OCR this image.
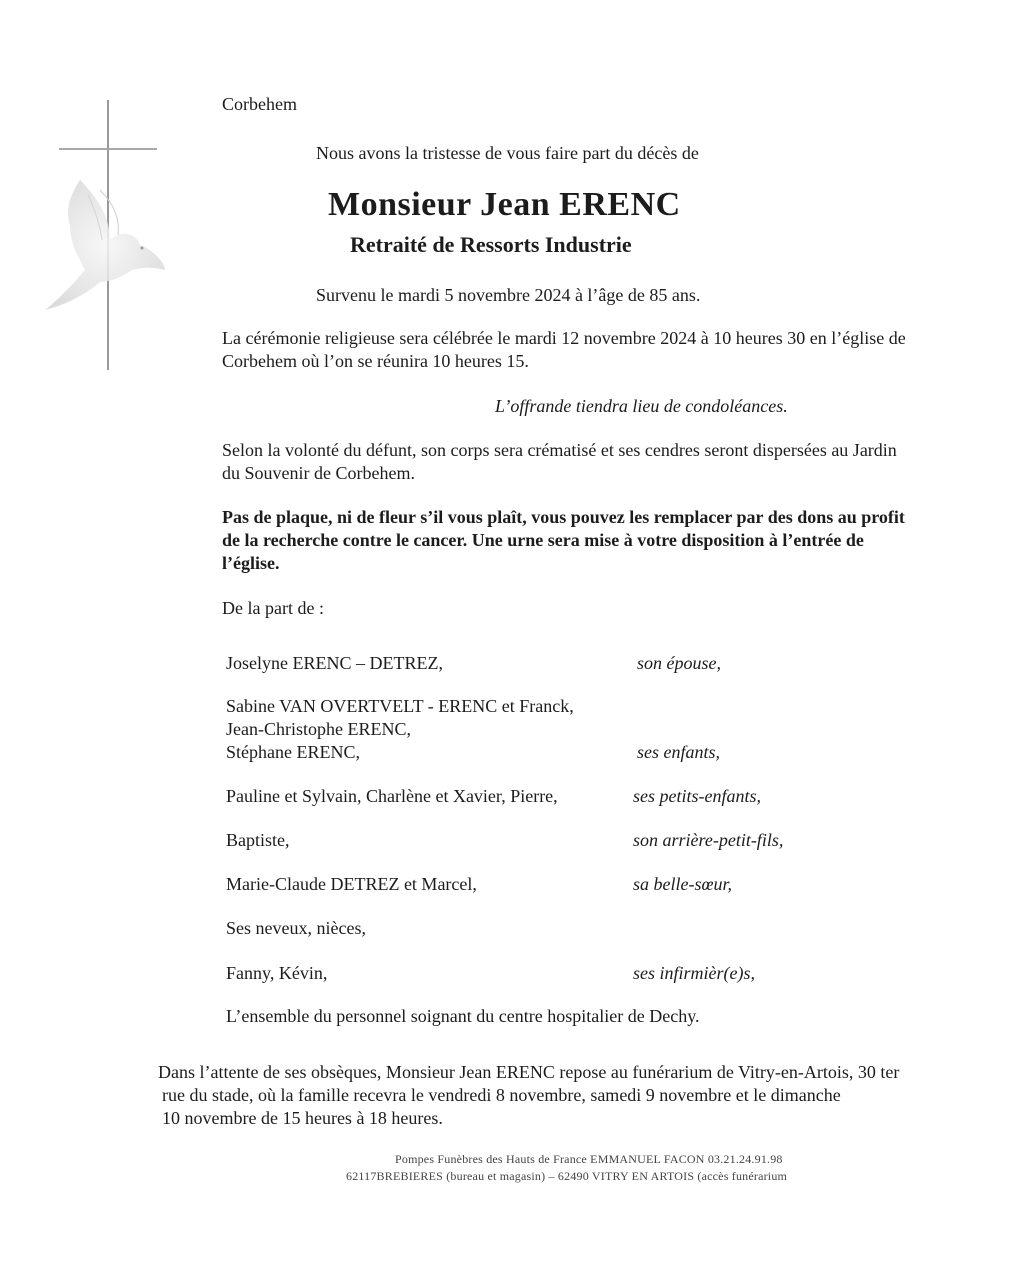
Corbehem
Nous avons la tristesse de vous faire part du décès de
Monsieur Jean ERENC
Retraité de Ressorts Industrie
Survenu le mardi 5 novembre 2024 à l’âge de 85 ans.
La cérémonie religieuse sera célébrée le mardi 12 novembre 2024 à 10 heures 30 en l’église de
Corbehem où l’on se réunira 10 heures 15.
L’offrande tiendra lieu de condoléances.
Selon la volonté du défunt, son corps sera crématisé et ses cendres seront dispersées au Jardin
du Souvenir de Corbehem.
Pas de plaque, ni de fleur s’il vous plaît, vous pouvez les remplacer par des dons au profit
de la recherche contre le cancer. Une urne sera mise à votre disposition à l’entrée de
l’église.
De la part de :
Joselyne ERENC – DETREZ,	son épouse,
Sabine VAN OVERTVELT - ERENC et Franck,
Jean-Christophe ERENC,
Stéphane ERENC,	ses enfants,
Pauline et Sylvain, Charlène et Xavier, Pierre,	ses petits-enfants,
Baptiste,	son arrière-petit-fils,
Marie-Claude DETREZ et Marcel,	sa belle-sœur,
Ses neveux, nièces,
Fanny, Kévin,	ses infirmièr(e)s,
L’ensemble du personnel soignant du centre hospitalier de Dechy.
Dans l’attente de ses obsèques, Monsieur Jean ERENC repose au funérarium de Vitry-en-Artois, 30 ter
rue du stade, où la famille recevra le vendredi 8 novembre, samedi 9 novembre et le dimanche
10 novembre de 15 heures à 18 heures.
Pompes Funèbres des Hauts de France EMMANUEL FACON 03.21.24.91.98
62117BREBIERES (bureau et magasin) – 62490 VITRY EN ARTOIS (accès funérarium
